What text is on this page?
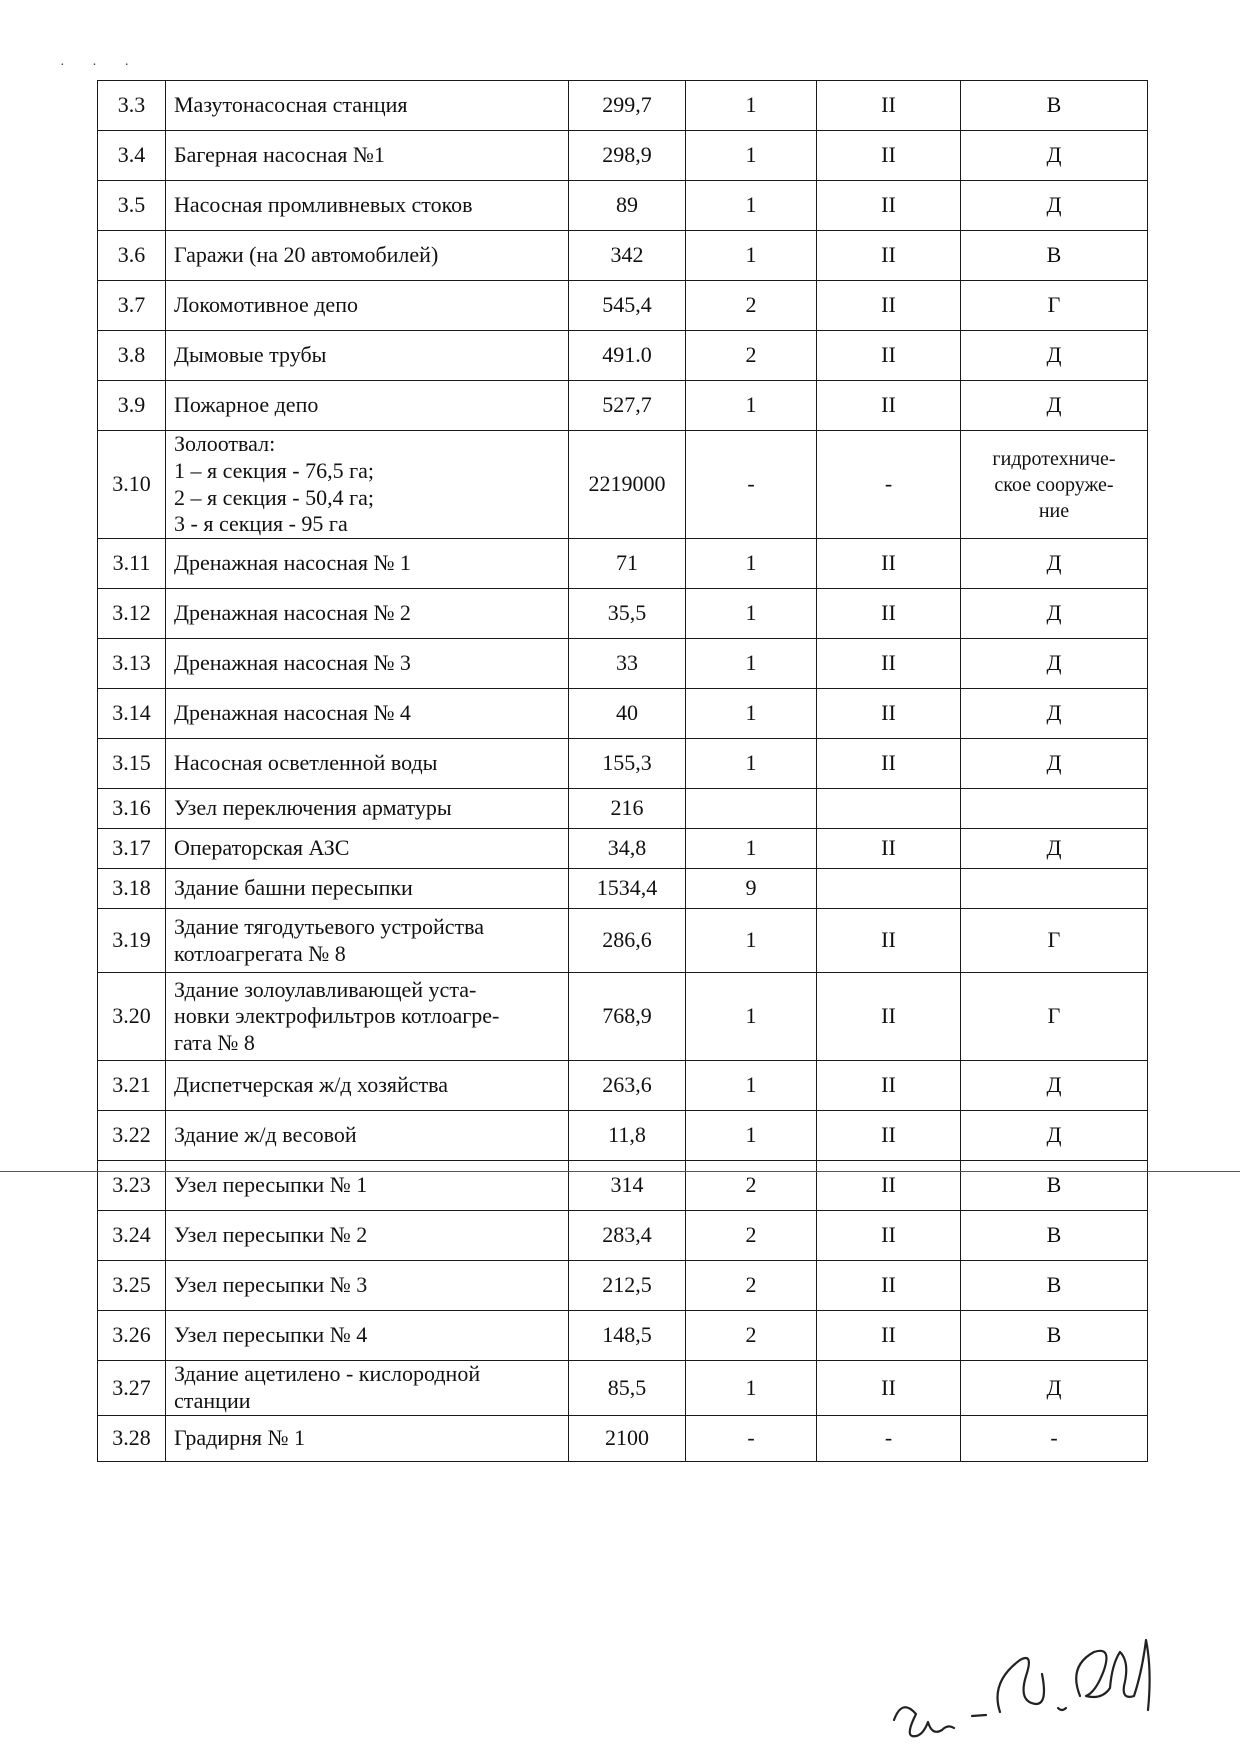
· · ·
3.3	Мазутонасосная станция	299,7	1	II	В
3.4	Багерная насосная №1	298,9	1	II	Д
3.5	Насосная промливневых стоков	89	1	II	Д
3.6	Гаражи (на 20 автомобилей)	342	1	II	В
3.7	Локомотивное депо	545,4	2	II	Г
3.8	Дымовые трубы	491.0	2	II	Д
3.9	Пожарное депо	527,7	1	II	Д
3.10	Золоотвал:
1 – я секция - 76,5 га;
2 – я секция - 50,4 га;
3 - я секция - 95 га	2219000	-	-	гидротехниче-
ское сооруже-
ние

3.11	Дренажная насосная № 1	71	1	II	Д
3.12	Дренажная насосная № 2	35,5	1	II	Д
3.13	Дренажная насосная № 3	33	1	II	Д
3.14	Дренажная насосная № 4	40	1	II	Д
3.15	Насосная осветленной воды	155,3	1	II	Д
3.16	Узел переключения арматуры	216			
3.17	Операторская АЗС	34,8	1	II	Д
3.18	Здание башни пересыпки	1534,4	9		
3.19	Здание тягодутьевого устройства
котлоагрегата № 8	286,6	1	II	Г
3.20	Здание золоулавливающей уста-
новки электрофильтров котлоагре-
гата № 8	768,9	1	II	Г
3.21	Диспетчерская ж/д хозяйства	263,6	1	II	Д
3.22	Здание ж/д весовой	11,8	1	II	Д
3.23	Узел пересыпки № 1	314	2	II	В
3.24	Узел пересыпки № 2	283,4	2	II	В
3.25	Узел пересыпки № 3	212,5	2	II	В
3.26	Узел пересыпки № 4	148,5	2	II	В
3.27	Здание ацетилено - кислородной
станции	85,5	1	II	Д
3.28	Градирня № 1	2100	-	-	-
